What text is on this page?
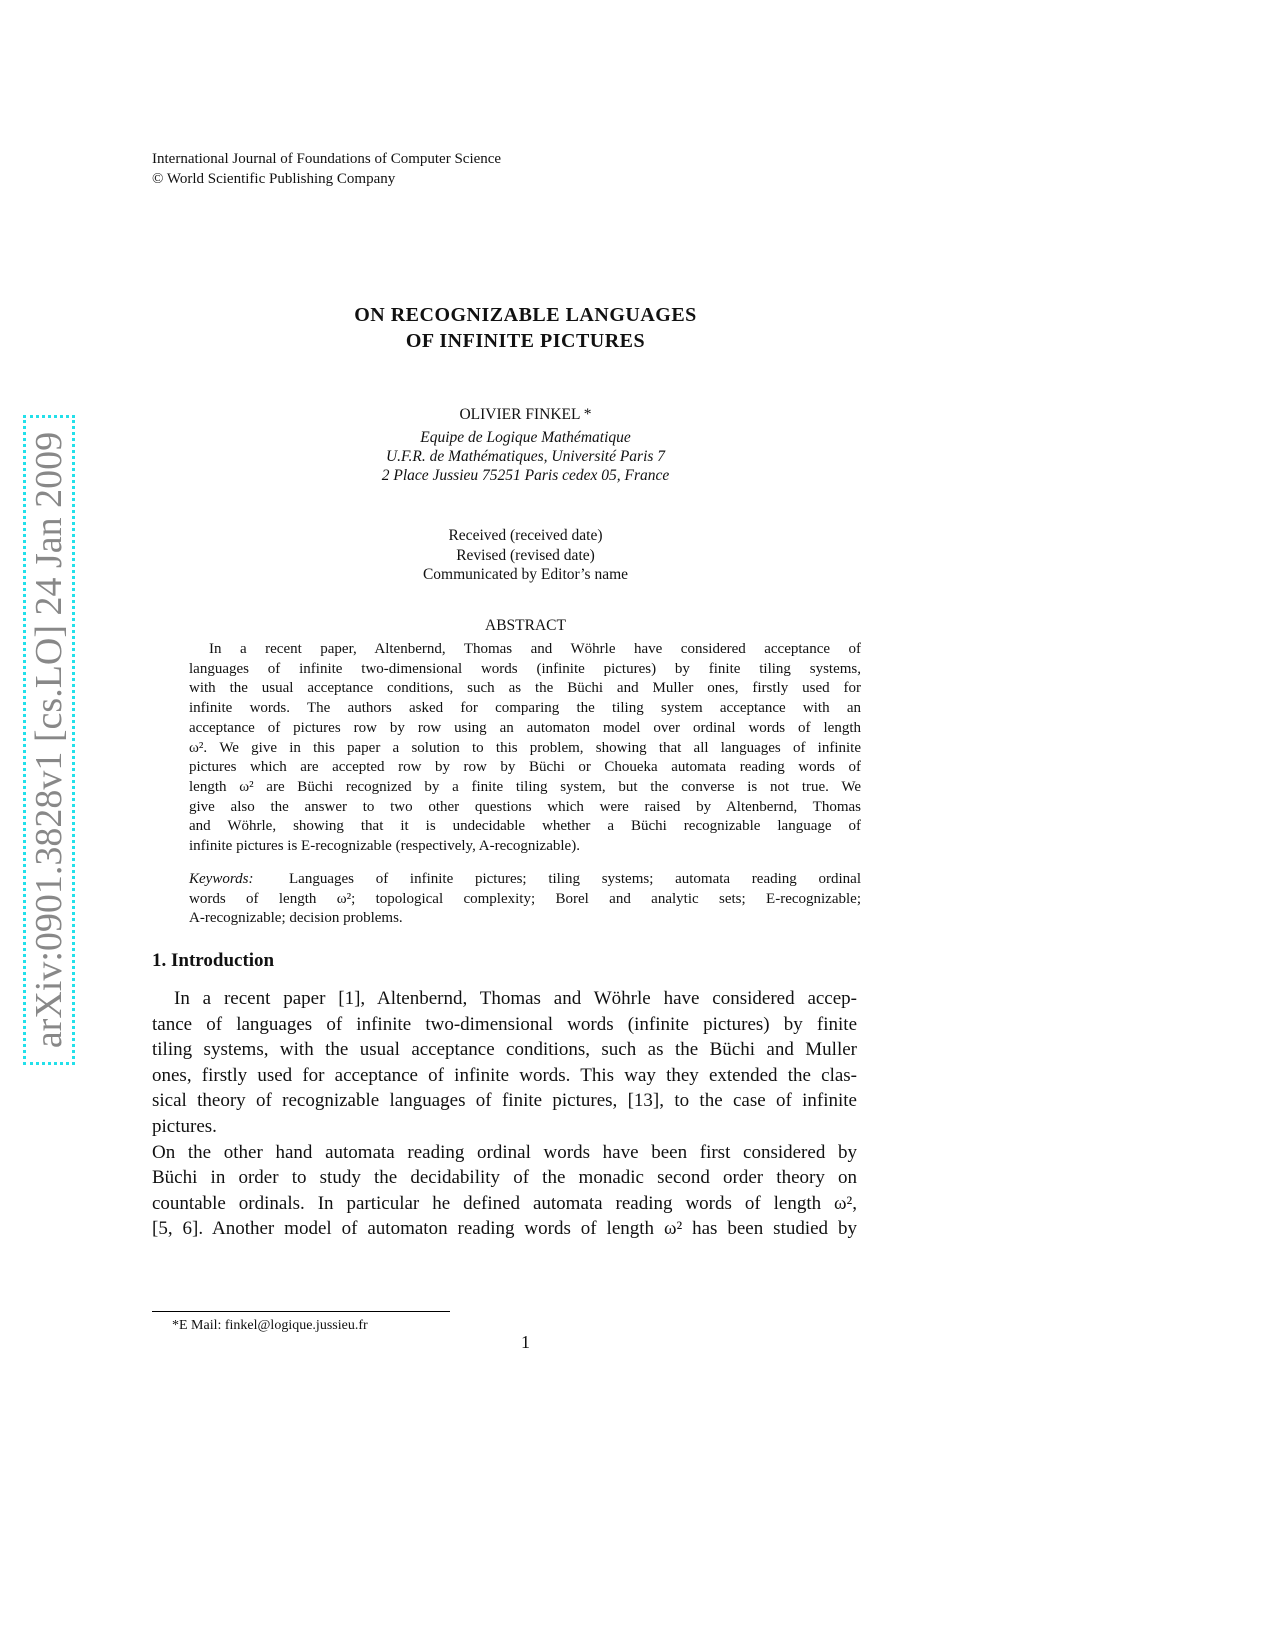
arXiv:0901.3828v1 [cs.LO] 24 Jan 2009
International Journal of Foundations of Computer Science
© World Scientific Publishing Company
ON RECOGNIZABLE LANGUAGES
OF INFINITE PICTURES
OLIVIER FINKEL *
Equipe de Logique Mathématique
U.F.R. de Mathématiques, Université Paris 7
2 Place Jussieu 75251 Paris cedex 05, France
Received (received date)
Revised (revised date)
Communicated by Editor’s name
ABSTRACT
Keywords: Languages of infinite pictures; tiling systems; automata reading ordinal
words of length ω²; topological complexity; Borel and analytic sets; E-recognizable;
A-recognizable; decision problems.
1. Introduction
*E Mail: finkel@logique.jussieu.fr
1
In a recent paper, Altenbernd, Thomas and Wöhrle have considered acceptance of
languages of infinite two-dimensional words (infinite pictures) by finite tiling systems,
with the usual acceptance conditions, such as the Büchi and Muller ones, firstly used for
infinite words. The authors asked for comparing the tiling system acceptance with an
acceptance of pictures row by row using an automaton model over ordinal words of length
ω². We give in this paper a solution to this problem, showing that all languages of infinite
pictures which are accepted row by row by Büchi or Choueka automata reading words of
length ω² are Büchi recognized by a finite tiling system, but the converse is not true. We
give also the answer to two other questions which were raised by Altenbernd, Thomas
and Wöhrle, showing that it is undecidable whether a Büchi recognizable language of
infinite pictures is E-recognizable (respectively, A-recognizable).
In a recent paper [1], Altenbernd, Thomas and Wöhrle have considered accep-
tance of languages of infinite two-dimensional words (infinite pictures) by finite
tiling systems, with the usual acceptance conditions, such as the Büchi and Muller
ones, firstly used for acceptance of infinite words. This way they extended the clas-
sical theory of recognizable languages of finite pictures, [13], to the case of infinite
pictures.
On the other hand automata reading ordinal words have been first considered by
Büchi in order to study the decidability of the monadic second order theory on
countable ordinals. In particular he defined automata reading words of length ω²,
[5, 6]. Another model of automaton reading words of length ω² has been studied by
